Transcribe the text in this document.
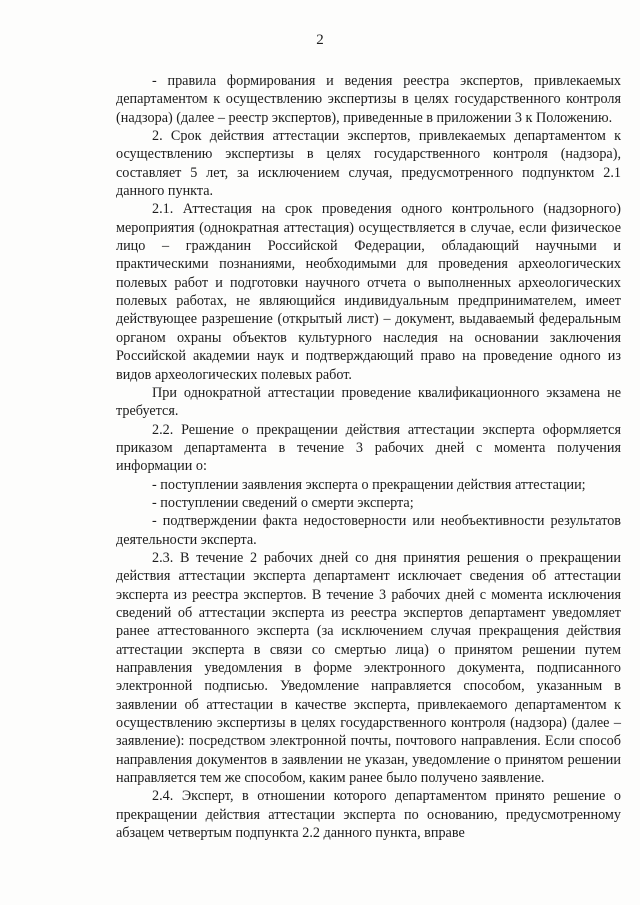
2

- правила формирования и ведения реестра экспертов, привлекаемых департаментом к осуществлению экспертизы в целях государственного контроля (надзора) (далее – реестр экспертов), приведенные в приложении 3 к Положению.

2. Срок действия аттестации экспертов, привлекаемых департаментом к осуществлению экспертизы в целях государственного контроля (надзора), составляет 5 лет, за исключением случая, предусмотренного подпунктом 2.1 данного пункта.

2.1. Аттестация на срок проведения одного контрольного (надзорного) мероприятия (однократная аттестация) осуществляется в случае, если физическое лицо – гражданин Российской Федерации, обладающий научными и практическими познаниями, необходимыми для проведения археологических полевых работ и подготовки научного отчета о выполненных археологических полевых работах, не являющийся индивидуальным предпринимателем, имеет действующее разрешение (открытый лист) – документ, выдаваемый федеральным органом охраны объектов культурного наследия на основании заключения Российской академии наук и подтверждающий право на проведение одного из видов археологических полевых работ.

При однократной аттестации проведение квалификационного экзамена не требуется.

2.2. Решение о прекращении действия аттестации эксперта оформляется приказом департамента в течение 3 рабочих дней с момента получения информации о:

- поступлении заявления эксперта о прекращении действия аттестации;

- поступлении сведений о смерти эксперта;

- подтверждении факта недостоверности или необъективности результатов деятельности эксперта.

2.3. В течение 2 рабочих дней со дня принятия решения о прекращении действия аттестации эксперта департамент исключает сведения об аттестации эксперта из реестра экспертов. В течение 3 рабочих дней с момента исключения сведений об аттестации эксперта из реестра экспертов департамент уведомляет ранее аттестованного эксперта (за исключением случая прекращения действия аттестации эксперта в связи со смертью лица) о принятом решении путем направления уведомления в форме электронного документа, подписанного электронной подписью. Уведомление направляется способом, указанным в заявлении об аттестации в качестве эксперта, привлекаемого департаментом к осуществлению экспертизы в целях государственного контроля (надзора) (далее – заявление): посредством электронной почты, почтового направления. Если способ направления документов в заявлении не указан, уведомление о принятом решении направляется тем же способом, каким ранее было получено заявление.

2.4. Эксперт, в отношении которого департаментом принято решение о прекращении действия аттестации эксперта по основанию, предусмотренному абзацем четвертым подпункта 2.2 данного пункта, вправе
